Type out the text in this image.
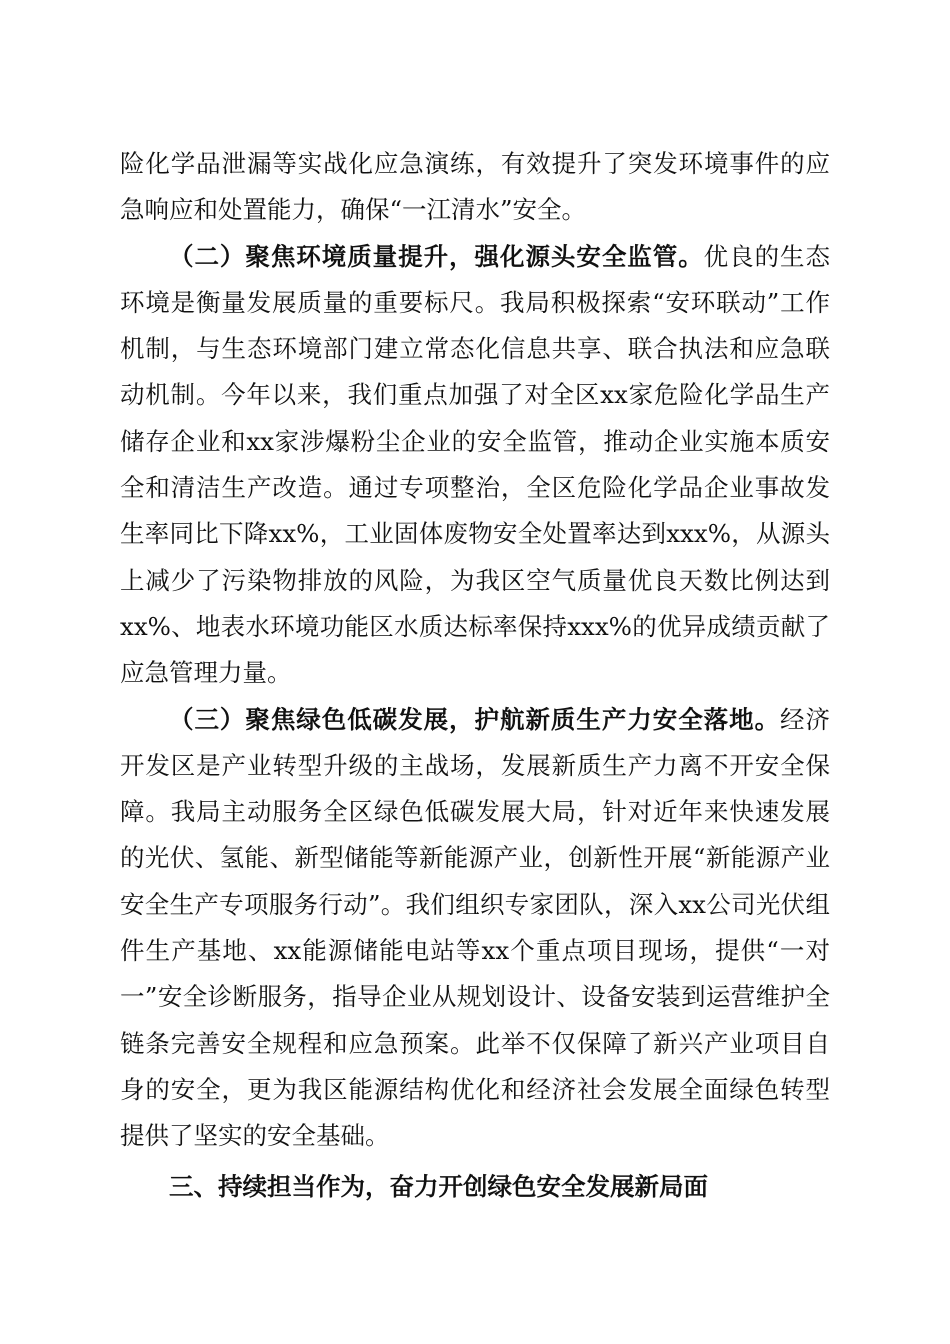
险化学品泄漏等实战化应急演练，有效提升了突发环境事件的应急响应和处置能力，确保“一江清水”安全。

（二）聚焦环境质量提升，强化源头安全监管。优良的生态环境是衡量发展质量的重要标尺。我局积极探索“安环联动”工作机制，与生态环境部门建立常态化信息共享、联合执法和应急联动机制。今年以来，我们重点加强了对全区xx家危险化学品生产储存企业和xx家涉爆粉尘企业的安全监管，推动企业实施本质安全和清洁生产改造。通过专项整治，全区危险化学品企业事故发生率同比下降xx%，工业固体废物安全处置率达到xxx%，从源头上减少了污染物排放的风险，为我区空气质量优良天数比例达到xx%、地表水环境功能区水质达标率保持xxx%的优异成绩贡献了应急管理力量。

（三）聚焦绿色低碳发展，护航新质生产力安全落地。经济开发区是产业转型升级的主战场，发展新质生产力离不开安全保障。我局主动服务全区绿色低碳发展大局，针对近年来快速发展的光伏、氢能、新型储能等新能源产业，创新性开展“新能源产业安全生产专项服务行动”。我们组织专家团队，深入xx公司光伏组件生产基地、xx能源储能电站等xx个重点项目现场，提供“一对一”安全诊断服务，指导企业从规划设计、设备安装到运营维护全链条完善安全规程和应急预案。此举不仅保障了新兴产业项目自身的安全，更为我区能源结构优化和经济社会发展全面绿色转型提供了坚实的安全基础。

三、持续担当作为，奋力开创绿色安全发展新局面
